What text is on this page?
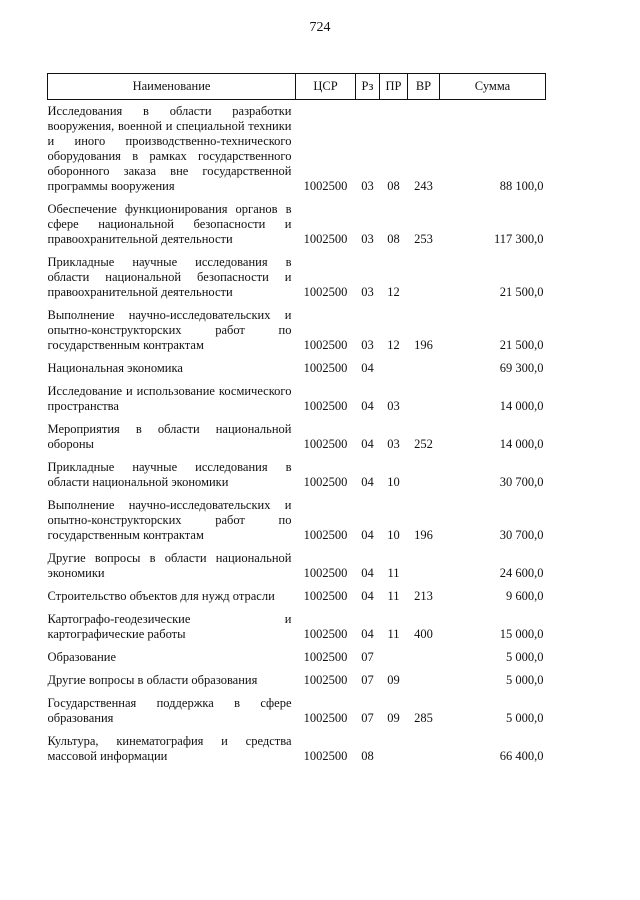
724
Наименование	ЦСР	Рз	ПР	ВР	Сумма
Исследования в области разработки вооружения, военной и специальной техники и иного производственно-технического оборудования в рамках государственного оборонного заказа вне государственной программы вооружения	1002500	03	08	243	88 100,0
Обеспечение функционирования органов в сфере национальной безопасности и правоохранительной деятельности	1002500	03	08	253	117 300,0
Прикладные научные исследования в области национальной безопасности и правоохранительной деятельности	1002500	03	12		21 500,0
Выполнение научно-исследовательских и опытно-конструкторских работ по государственным контрактам	1002500	03	12	196	21 500,0
Национальная экономика	1002500	04			69 300,0
Исследование и использование космического пространства	1002500	04	03		14 000,0
Мероприятия в области национальной обороны	1002500	04	03	252	14 000,0
Прикладные научные исследования в области национальной экономики	1002500	04	10		30 700,0
Выполнение научно-исследовательских и опытно-конструкторских работ по государственным контрактам	1002500	04	10	196	30 700,0
Другие вопросы в области национальной экономики	1002500	04	11		24 600,0
Строительство объектов для нужд отрасли	1002500	04	11	213	9 600,0
Картографо-геодезические и картографические работы	1002500	04	11	400	15 000,0
Образование	1002500	07			5 000,0
Другие вопросы в области образования	1002500	07	09		5 000,0
Государственная поддержка в сфере образования	1002500	07	09	285	5 000,0
Культура, кинематография и средства массовой информации	1002500	08			66 400,0
